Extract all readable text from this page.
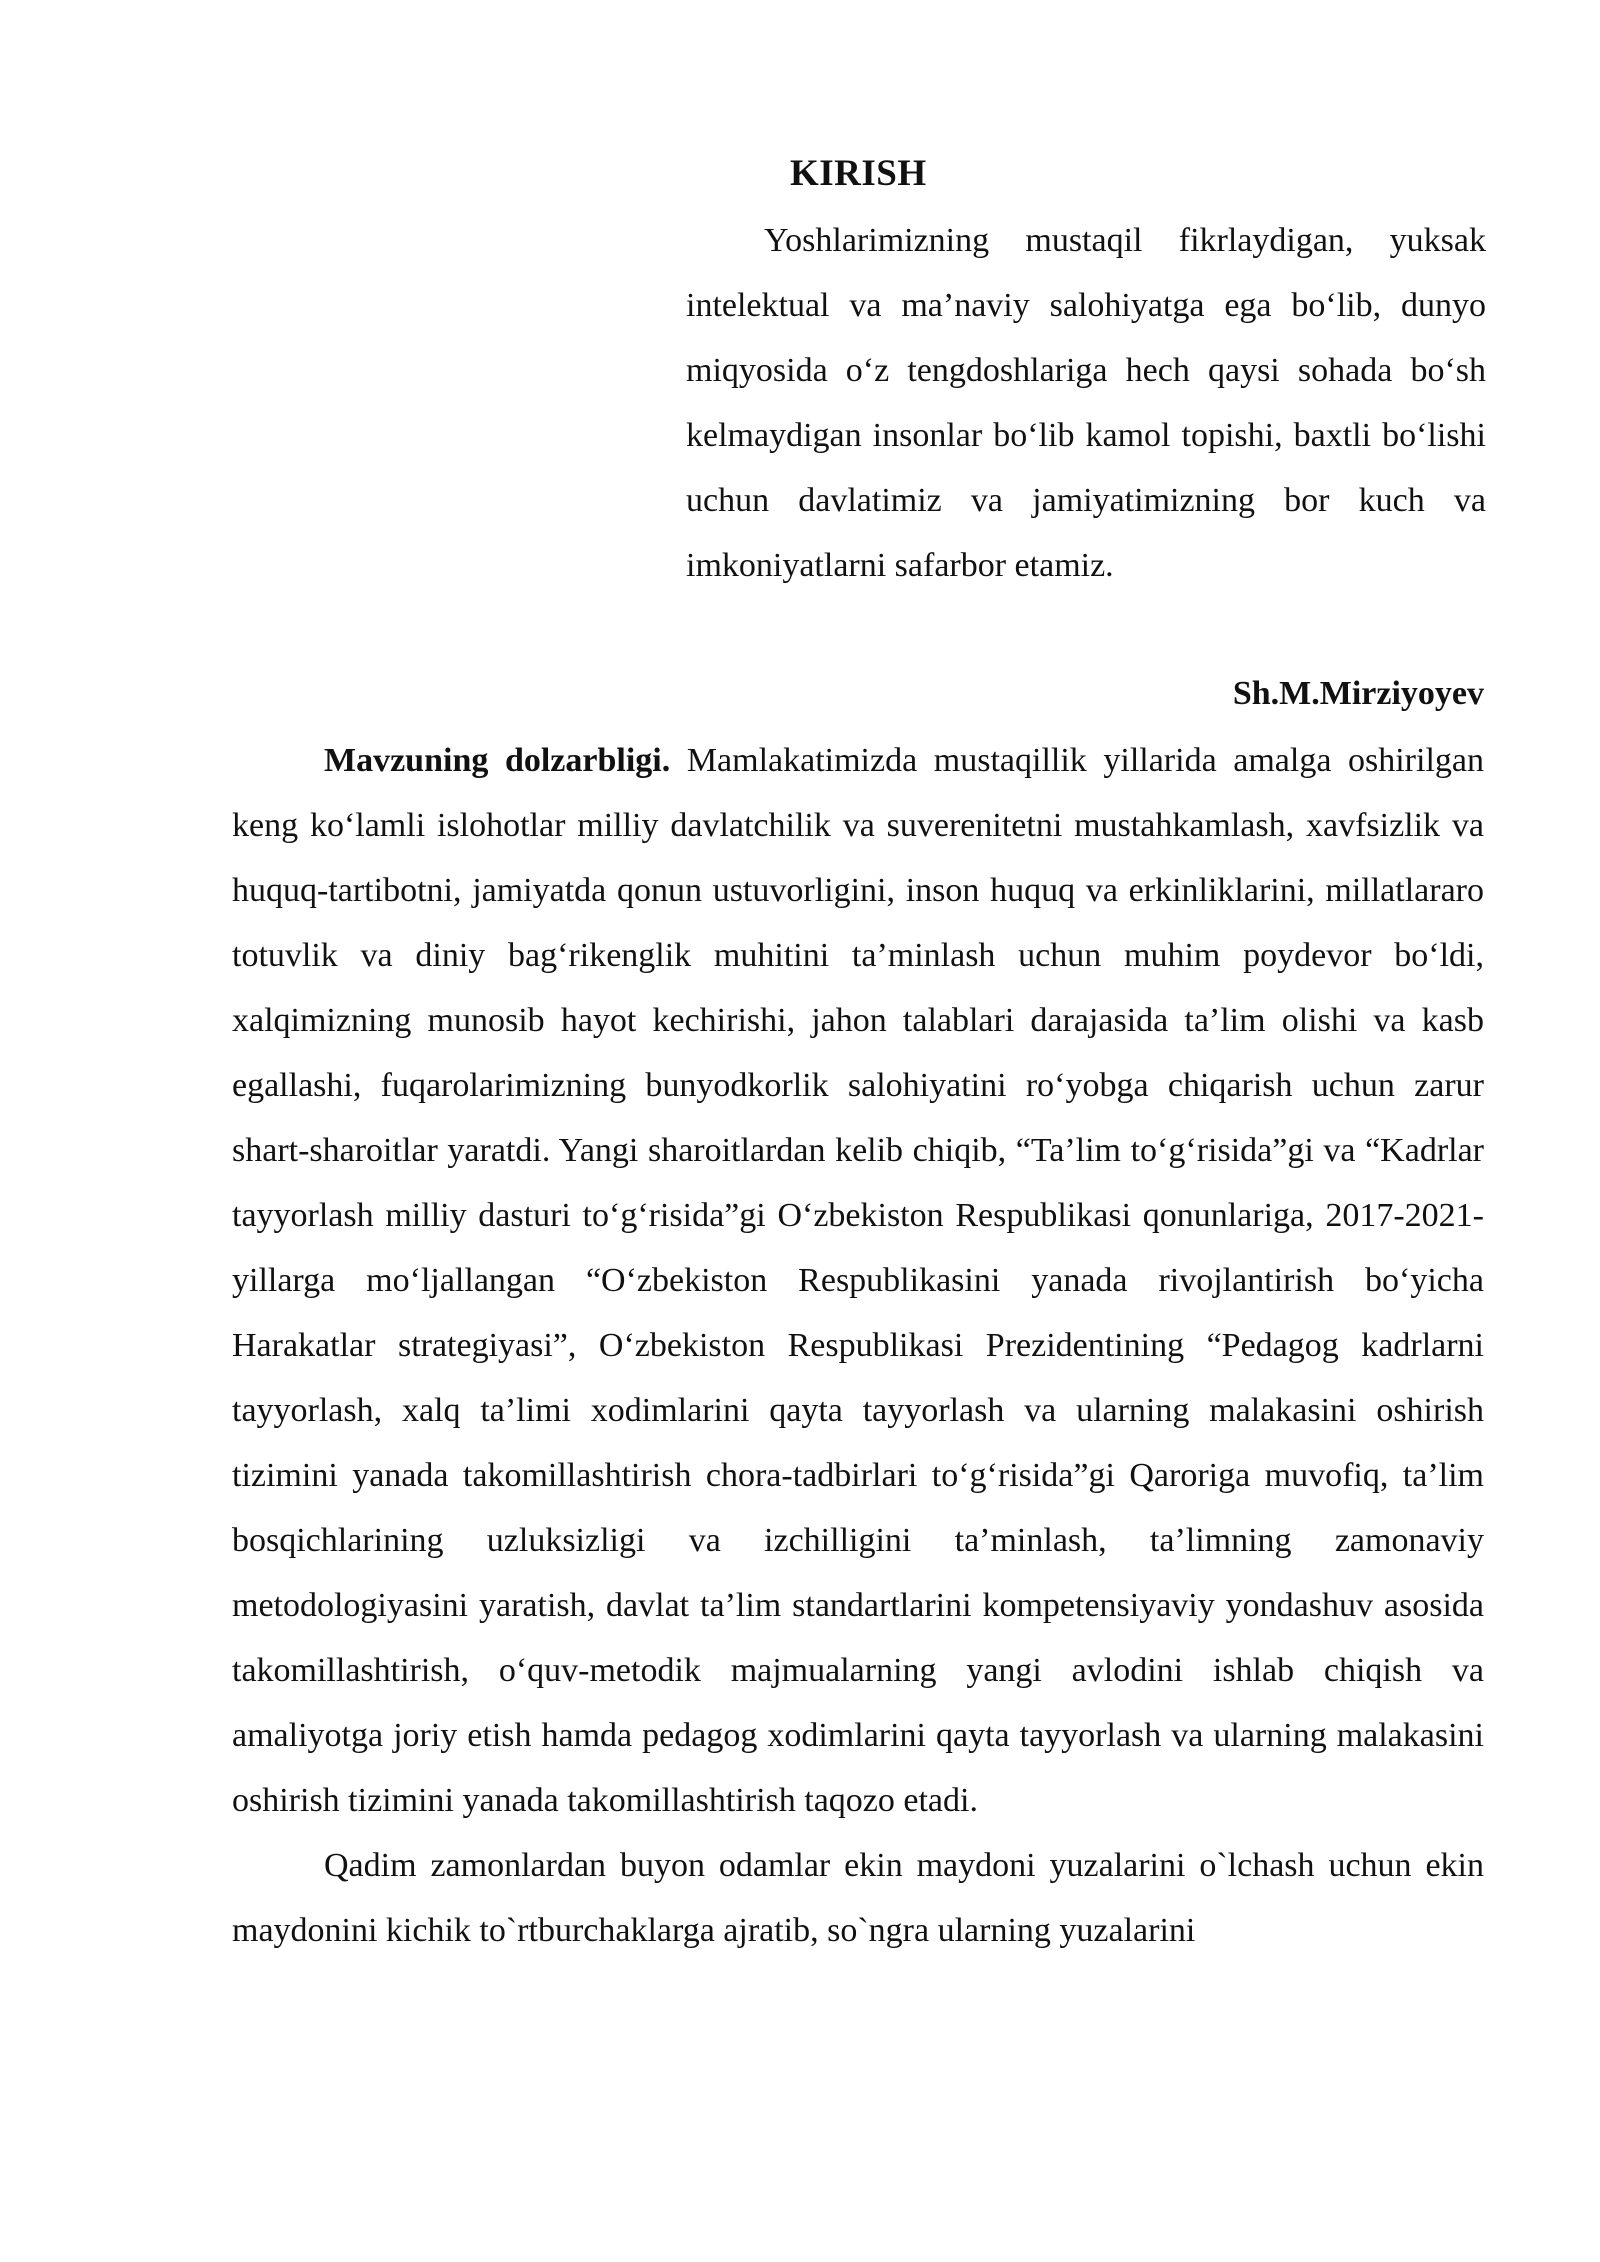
KIRISH

Yoshlarimizning mustaqil fikrlaydigan, yuksak intelektual va ma’naviy salohiyatga ega bo‘lib, dunyo miqyosida o‘z tengdoshlariga hech qaysi sohada bo‘sh kelmaydigan insonlar bo‘lib kamol topishi, baxtli bo‘lishi uchun davlatimiz va jamiyatimizning bor kuch va imkoniyatlarni safarbor etamiz.

Sh.M.Mirziyoyev

Mavzuning dolzarbligi. Mamlakatimizda mustaqillik yillarida amalga oshirilgan keng ko‘lamli islohotlar milliy davlatchilik va suverenitetni mustahkamlash, xavfsizlik va huquq-tartibotni, jamiyatda qonun ustuvorligini, inson huquq va erkinliklarini, millatlararo totuvlik va diniy bag‘rikenglik muhitini ta’minlash uchun muhim poydevor bo‘ldi, xalqimizning munosib hayot kechirishi, jahon talablari darajasida ta’lim olishi va kasb egallashi, fuqarolarimizning bunyodkorlik salohiyatini ro‘yobga chiqarish uchun zarur shart-sharoitlar yaratdi. Yangi sharoitlardan kelib chiqib, “Ta’lim to‘g‘risida”gi va “Kadrlar tayyorlash milliy dasturi to‘g‘risida”gi O‘zbekiston Respublikasi qonunlariga, 2017-2021-yillarga mo‘ljallangan “O‘zbekiston Respublikasini yanada rivojlantirish bo‘yicha Harakatlar strategiyasi”, O‘zbekiston Respublikasi Prezidentining “Pedagog kadrlarni tayyorlash, xalq ta’limi xodimlarini qayta tayyorlash va ularning malakasini oshirish tizimini yanada takomillashtirish chora-tadbirlari to‘g‘risida”gi Qaroriga muvofiq, ta’lim bosqichlarining uzluksizligi va izchilligini ta’minlash, ta’limning zamonaviy metodologiyasini yaratish, davlat ta’lim standartlarini kompetensiyaviy yondashuv asosida takomillashtirish, o‘quv-metodik majmualarning yangi avlodini ishlab chiqish va amaliyotga joriy etish hamda pedagog xodimlarini qayta tayyorlash va ularning malakasini oshirish tizimini yanada takomillashtirish taqozo etadi.

Qadim zamonlardan buyon odamlar ekin maydoni yuzalarini o`lchash uchun ekin maydonini kichik to`rtburchaklarga ajratib, so`ngra ularning yuzalarini
